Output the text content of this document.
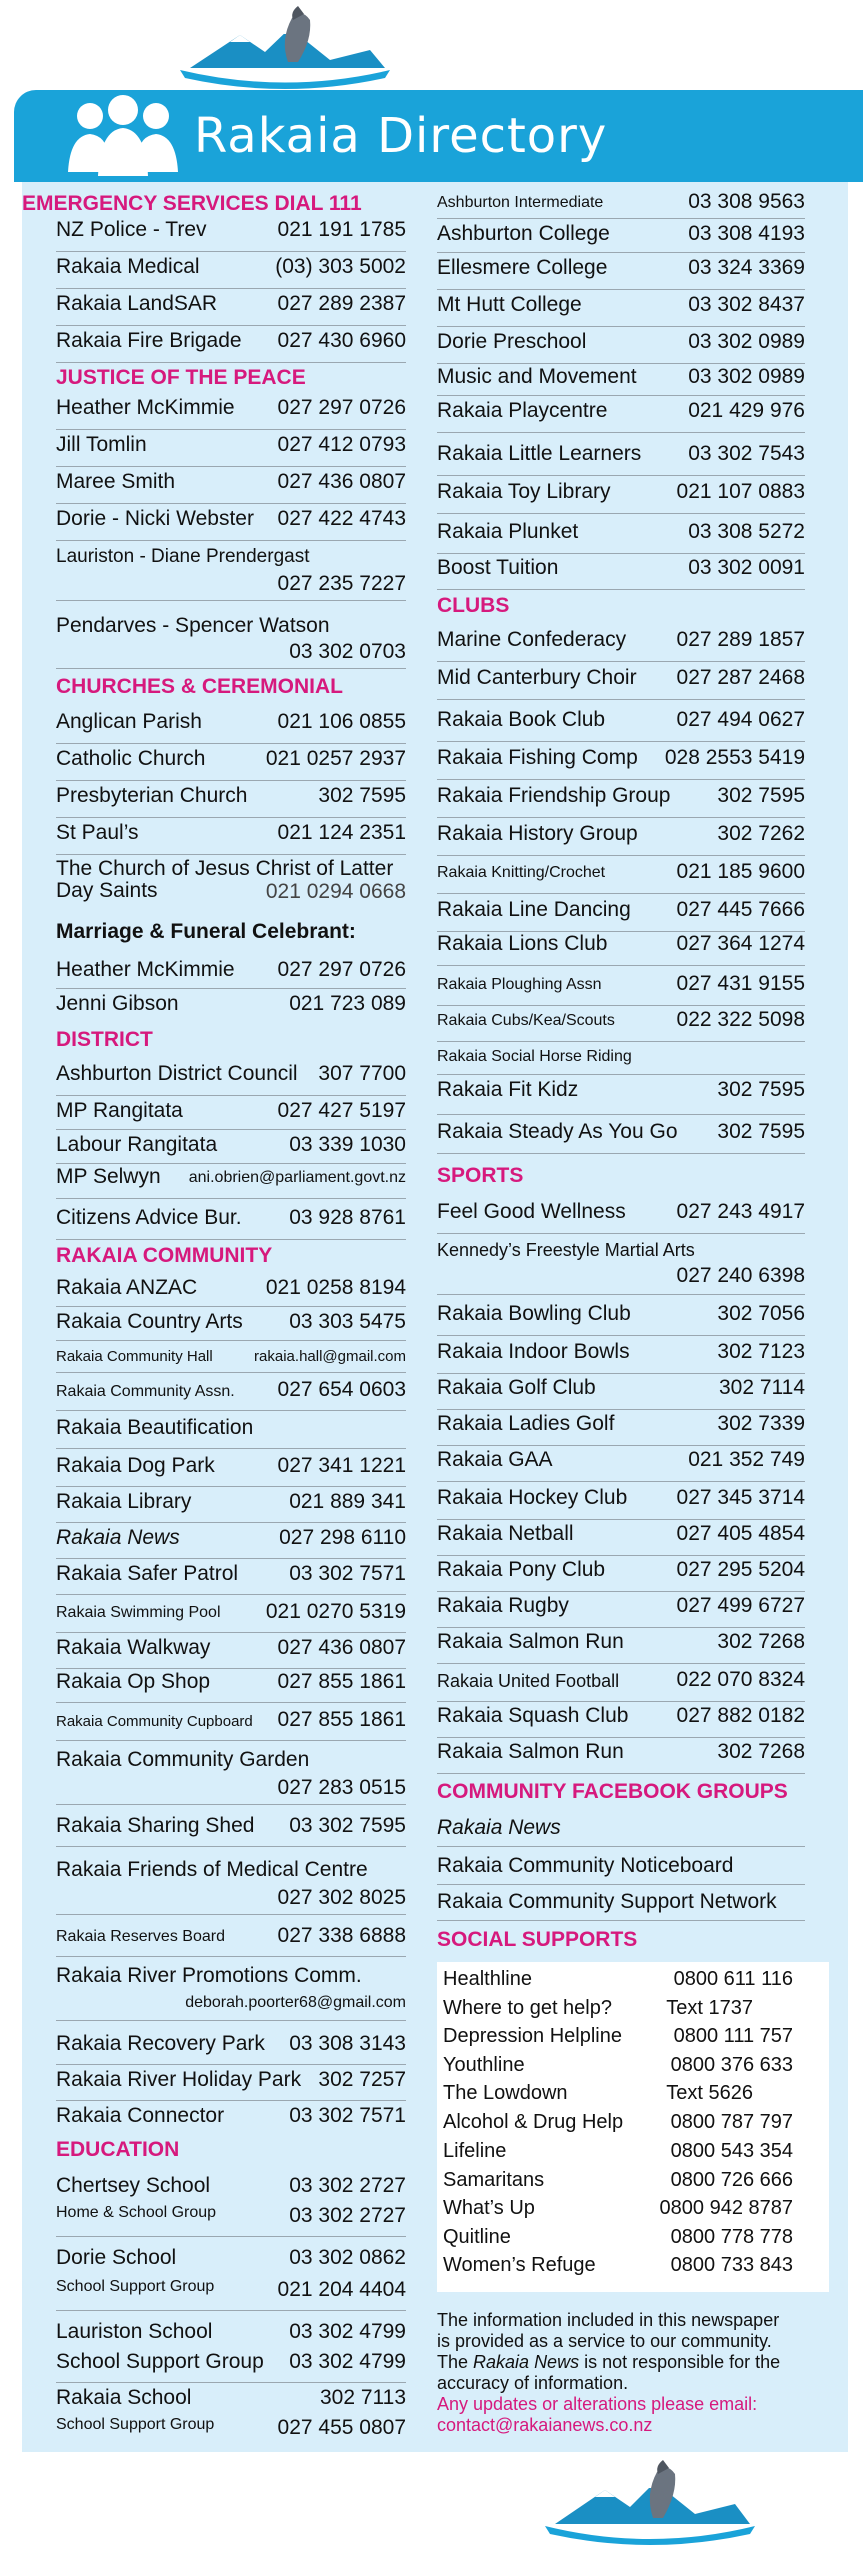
Rakaia Directory
EMERGENCY SERVICES DIAL 111
NZ Police - Trev	021 191 1785
Rakaia Medical	(03) 303 5002
Rakaia LandSAR	027 289 2387
Rakaia Fire Brigade 027 430 6960
JUSTICE OF THE PEACE
Heather McKimmie 027 297 0726
Jill Tomlin	027 412 0793
Maree Smith	027 436 0807
Dorie - Nicki Webster 027 422 4743
Lauriston - Diane Prendergast
027 235 7227
Pendarves - Spencer Watson
03 302 0703
CHURCHES & CEREMONIAL
Anglican Parish	021 106 0855
Catholic Church	021 0257 2937
Presbyterian Church	302 7595
St Paul’s	021 124 2351
The Church of Jesus Christ of Latter
Day Saints	021 0294 0668
Marriage & Funeral Celebrant:
Heather McKimmie 027 297 0726
Jenni Gibson	021 723 089
DISTRICT
Ashburton District Council 307 7700
MP Rangitata	027 427 5197
Labour Rangitata	03 339 1030
MP Selwyn ani.obrien@parliament.govt.nz
Citizens Advice Bur. 03 928 8761
RAKAIA COMMUNITY
Rakaia ANZAC	021 0258 8194
Rakaia Country Arts 03 303 5475
Rakaia Community Hall	rakaia.hall@gmail.com
Rakaia Community Assn. 027 654 0603
Rakaia Beautification
Rakaia Dog Park	027 341 1221
Rakaia Library	021 889 341
Rakaia News	027 298 6110
Rakaia Safer Patrol 03 302 7571
Rakaia Swimming Pool 021 0270 5319
Rakaia Walkway	027 436 0807
Rakaia Op Shop	027 855 1861
Rakaia Community Cupboard 027 855 1861
Rakaia Community Garden
027 283 0515
Rakaia Sharing Shed 03 302 7595
Rakaia Friends of Medical Centre
027 302 8025
Rakaia Reserves Board	027 338 6888
Rakaia River Promotions Comm.
deborah.poorter68@gmail.com
Rakaia Recovery Park 03 308 3143
Rakaia River Holiday Park 302 7257
Rakaia Connector	03 302 7571
EDUCATION
Chertsey School	03 302 2727
Home & School Group	03 302 2727
Dorie School	03 302 0862
School Support Group	021 204 4404
Lauriston School	03 302 4799
School Support Group 03 302 4799
Rakaia School	302 7113
School Support Group	027 455 0807
Ashburton Intermediate	03 308 9563
Ashburton College	03 308 4193
Ellesmere College	03 324 3369
Mt Hutt College	03 302 8437
Dorie Preschool	03 302 0989
Music and Movement 03 302 0989
Rakaia Playcentre	021 429 976
Rakaia Little Learners 03 302 7543
Rakaia Toy Library	021 107 0883
Rakaia Plunket	03 308 5272
Boost Tuition	03 302 0091
CLUBS
Marine Confederacy 027 289 1857
Mid Canterbury Choir 027 287 2468
Rakaia Book Club	027 494 0627
Rakaia Fishing Comp 028 2553 5419
Rakaia Friendship Group 302 7595
Rakaia History Group	302 7262
Rakaia Knitting/Crochet	021 185 9600
Rakaia Line Dancing 027 445 7666
Rakaia Lions Club	027 364 1274
Rakaia Ploughing Assn	027 431 9155
Rakaia Cubs/Kea/Scouts	022 322 5098
Rakaia Social Horse Riding
Rakaia Fit Kidz	302 7595
Rakaia Steady As You Go 302 7595
SPORTS
Feel Good Wellness 027 243 4917
Kennedy’s Freestyle Martial Arts
027 240 6398
Rakaia Bowling Club	302 7056
Rakaia Indoor Bowls	302 7123
Rakaia Golf Club	302 7114
Rakaia Ladies Golf	302 7339
Rakaia GAA	021 352 749
Rakaia Hockey Club 027 345 3714
Rakaia Netball	027 405 4854
Rakaia Pony Club	027 295 5204
Rakaia Rugby	027 499 6727
Rakaia Salmon Run	302 7268
Rakaia United Football	022 070 8324
Rakaia Squash Club 027 882 0182
Rakaia Salmon Run	302 7268
COMMUNITY FACEBOOK GROUPS
Rakaia News
Rakaia Community Noticeboard
Rakaia Community Support Network
SOCIAL SUPPORTS
Healthline	0800 611 116
Where to get help?	Text 1737
Depression Helpline	0800 111 757
Youthline	0800 376 633
The Lowdown	Text 5626
Alcohol & Drug Help 0800 787 797
Lifeline	0800 543 354
Samaritans	0800 726 666
What’s Up	0800 942 8787
Quitline	0800 778 778
Women’s Refuge	0800 733 843
The information included in this newspaper
is provided as a service to our community.
The Rakaia News is not responsible for the
accuracy of information.
Any updates or alterations please email:
contact@rakaianews.co.nz
